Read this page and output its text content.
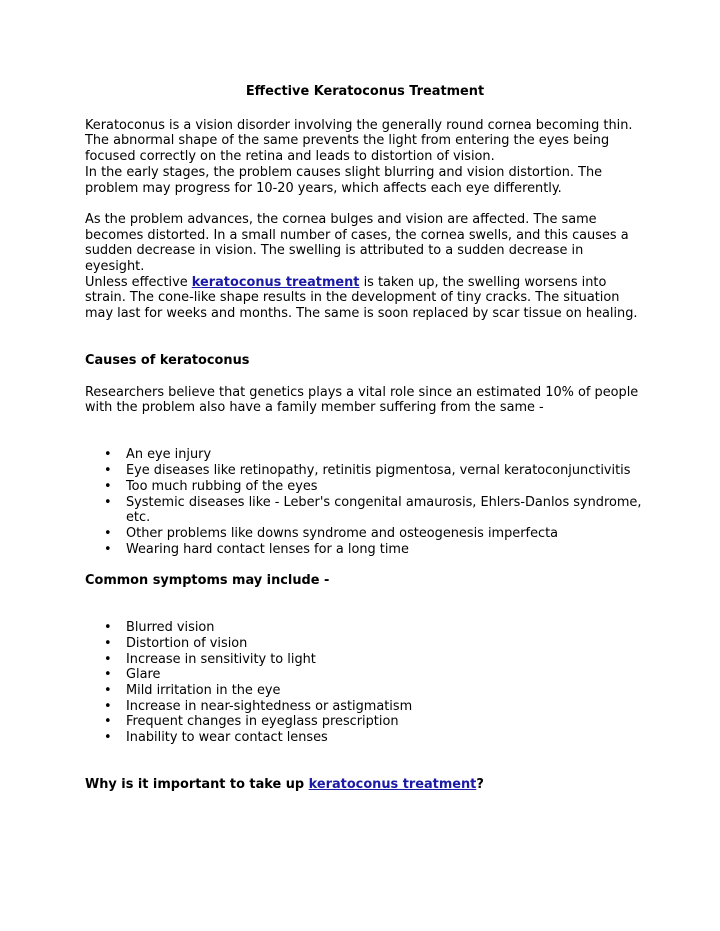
Effective Keratoconus Treatment

Keratoconus is a vision disorder involving the generally round cornea becoming thin. The abnormal shape of the same prevents the light from entering the eyes being focused correctly on the retina and leads to distortion of vision.

In the early stages, the problem causes slight blurring and vision distortion. The problem may progress for 10-20 years, which affects each eye differently.

As the problem advances, the cornea bulges and vision are affected. The same becomes distorted. In a small number of cases, the cornea swells, and this causes a sudden decrease in vision. The swelling is attributed to a sudden decrease in eyesight.

Unless effective keratoconus treatment is taken up, the swelling worsens into strain. The cone-like shape results in the development of tiny cracks. The situation may last for weeks and months. The same is soon replaced by scar tissue on healing.

Causes of keratoconus

Researchers believe that genetics plays a vital role since an estimated 10% of people with the problem also have a family member suffering from the same -

• An eye injury
• Eye diseases like retinopathy, retinitis pigmentosa, vernal keratoconjunctivitis
• Too much rubbing of the eyes
• Systemic diseases like - Leber's congenital amaurosis, Ehlers-Danlos syndrome, etc.
• Other problems like downs syndrome and osteogenesis imperfecta
• Wearing hard contact lenses for a long time

Common symptoms may include -

• Blurred vision
• Distortion of vision
• Increase in sensitivity to light
• Glare
• Mild irritation in the eye
• Increase in near-sightedness or astigmatism
• Frequent changes in eyeglass prescription
• Inability to wear contact lenses

Why is it important to take up keratoconus treatment?
